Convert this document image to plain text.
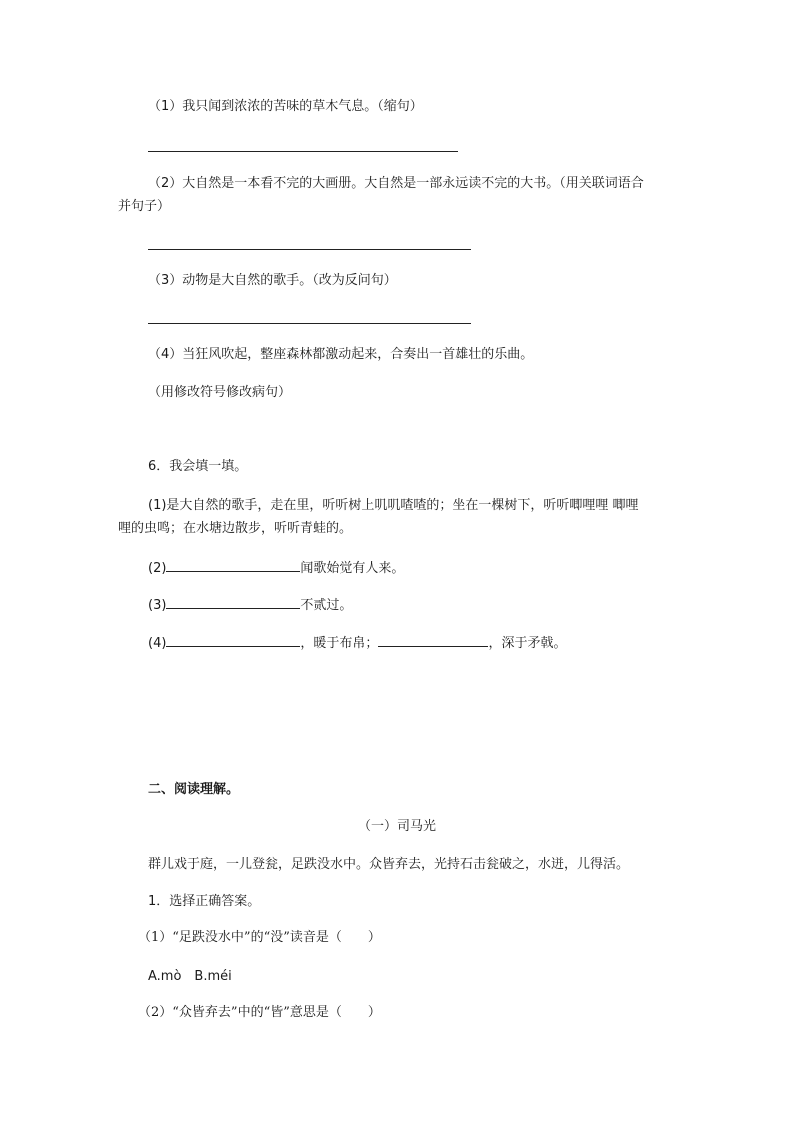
（1）我只闻到浓浓的苦味的草木气息。（缩句）
（2）大自然是一本看不完的大画册。大自然是一部永远读不完的大书。（用关联词语合
并句子）
（3）动物是大自然的歌手。（改为反问句）
（4）当狂风吹起，整座森林都激动起来，合奏出一首雄壮的乐曲。
（用修改符号修改病句）
6．我会填一填。
(1)是大自然的歌手，走在里，听听树上叽叽喳喳的；坐在一棵树下，听听唧哩哩 唧哩
哩的虫鸣；在水塘边散步，听听青蛙的。
(2)	闻歌始觉有人来。
(3)	不贰过。
(4)	，暖于布帛；	，深于矛戟。
二、阅读理解。
（一）司马光
群儿戏于庭，一儿登瓮，足跌没水中。众皆弃去，光持石击瓮破之，水迸，儿得活。
1．选择正确答案。
（1）“足跌没水中”的“没”读音是（　　）
A.mò　B.méi
（2）“众皆弃去”中的“皆”意思是（　　）
